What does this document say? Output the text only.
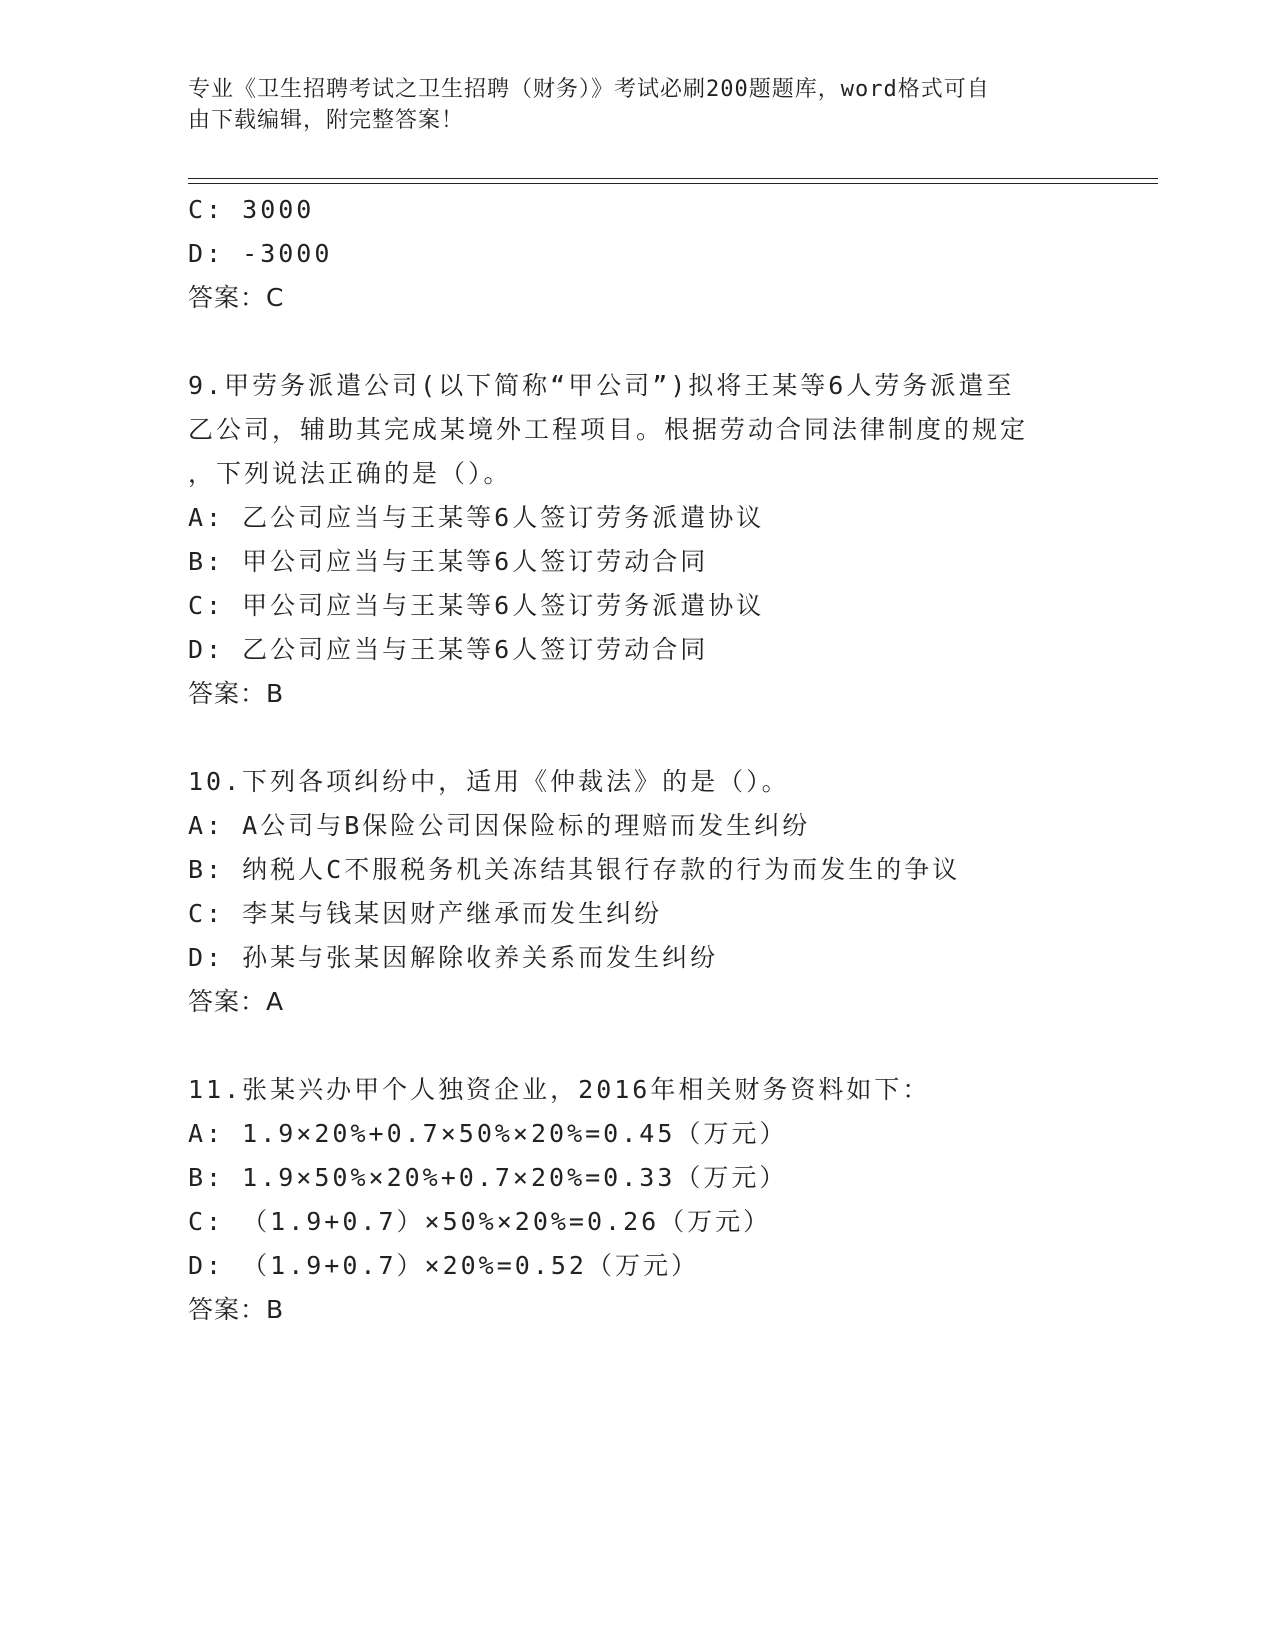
专业《卫生招聘考试之卫生招聘（财务）》考试必刷200题题库，word格式可自
由下载编辑，附完整答案！
C: 3000
D: -3000
答案：C
9.甲劳务派遣公司(以下简称“甲公司”)拟将王某等6人劳务派遣至
乙公司，辅助其完成某境外工程项目。根据劳动合同法律制度的规定
，下列说法正确的是（）。
A: 乙公司应当与王某等6人签订劳务派遣协议
B: 甲公司应当与王某等6人签订劳动合同
C: 甲公司应当与王某等6人签订劳务派遣协议
D: 乙公司应当与王某等6人签订劳动合同
答案：B
10.下列各项纠纷中，适用《仲裁法》的是（）。
A: A公司与B保险公司因保险标的理赔而发生纠纷
B: 纳税人C不服税务机关冻结其银行存款的行为而发生的争议
C: 李某与钱某因财产继承而发生纠纷
D: 孙某与张某因解除收养关系而发生纠纷
答案：A
11.张某兴办甲个人独资企业，2016年相关财务资料如下：
A: 1.9×20%+0.7×50%×20%=0.45（万元）
B: 1.9×50%×20%+0.7×20%=0.33（万元）
C: （1.9+0.7）×50%×20%=0.26（万元）
D: （1.9+0.7）×20%=0.52（万元）
答案：B
